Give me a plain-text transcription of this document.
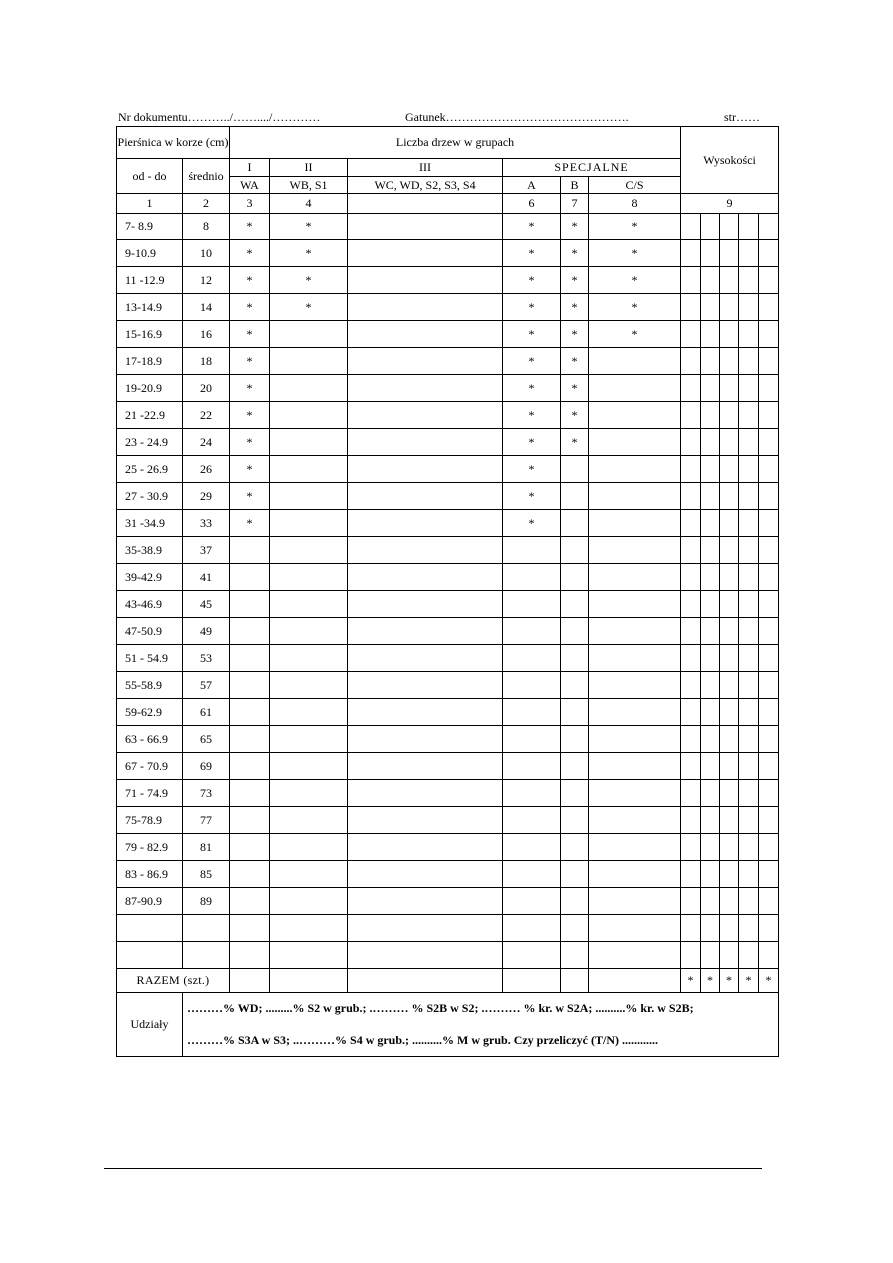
Nr dokumentu………../……..../…………	Gatunek……………………………………….	str……
Pierśnica w korze (cm)		Liczba drzew w grupach						Wysokości				
od - do	średnio	I	II	III	SPECJALNE							
		WA	WB, S1	WC, WD, S2, S3, S4	A	B	C/S					
1	2	3	4		6	7	8	9				
7- 8.9	8	*	*		*	*	*					
9-10.9	10	*	*		*	*	*					
11 -12.9	12	*	*		*	*	*					
13-14.9	14	*	*		*	*	*					
15-16.9	16	*			*	*	*					
17-18.9	18	*			*	*						
19-20.9	20	*			*	*						
21 -22.9	22	*			*	*						
23 - 24.9	24	*			*	*						
25 - 26.9	26	*			*							
27 - 30.9	29	*			*							
31 -34.9	33	*			*							
35-38.9	37											
39-42.9	41											
43-46.9	45											
47-50.9	49											
51 - 54.9	53											
55-58.9	57											
59-62.9	61											
63 - 66.9	65											
67 - 70.9	69											
71 - 74.9	73											
75-78.9	77											
79 - 82.9	81											
83 - 86.9	85											
87-90.9	89											

RAZEM (szt.)								*	*	*	*	*
Udziały	………% WD; .........% S2 w grub.; .……… % S2B w S2; .……… % kr. w S2A; ..........% kr. w S2B;											
	………% S3A w S3; ..………% S4 w grub.; ..........% M w grub. Czy przeliczyć (T/N) ............											
